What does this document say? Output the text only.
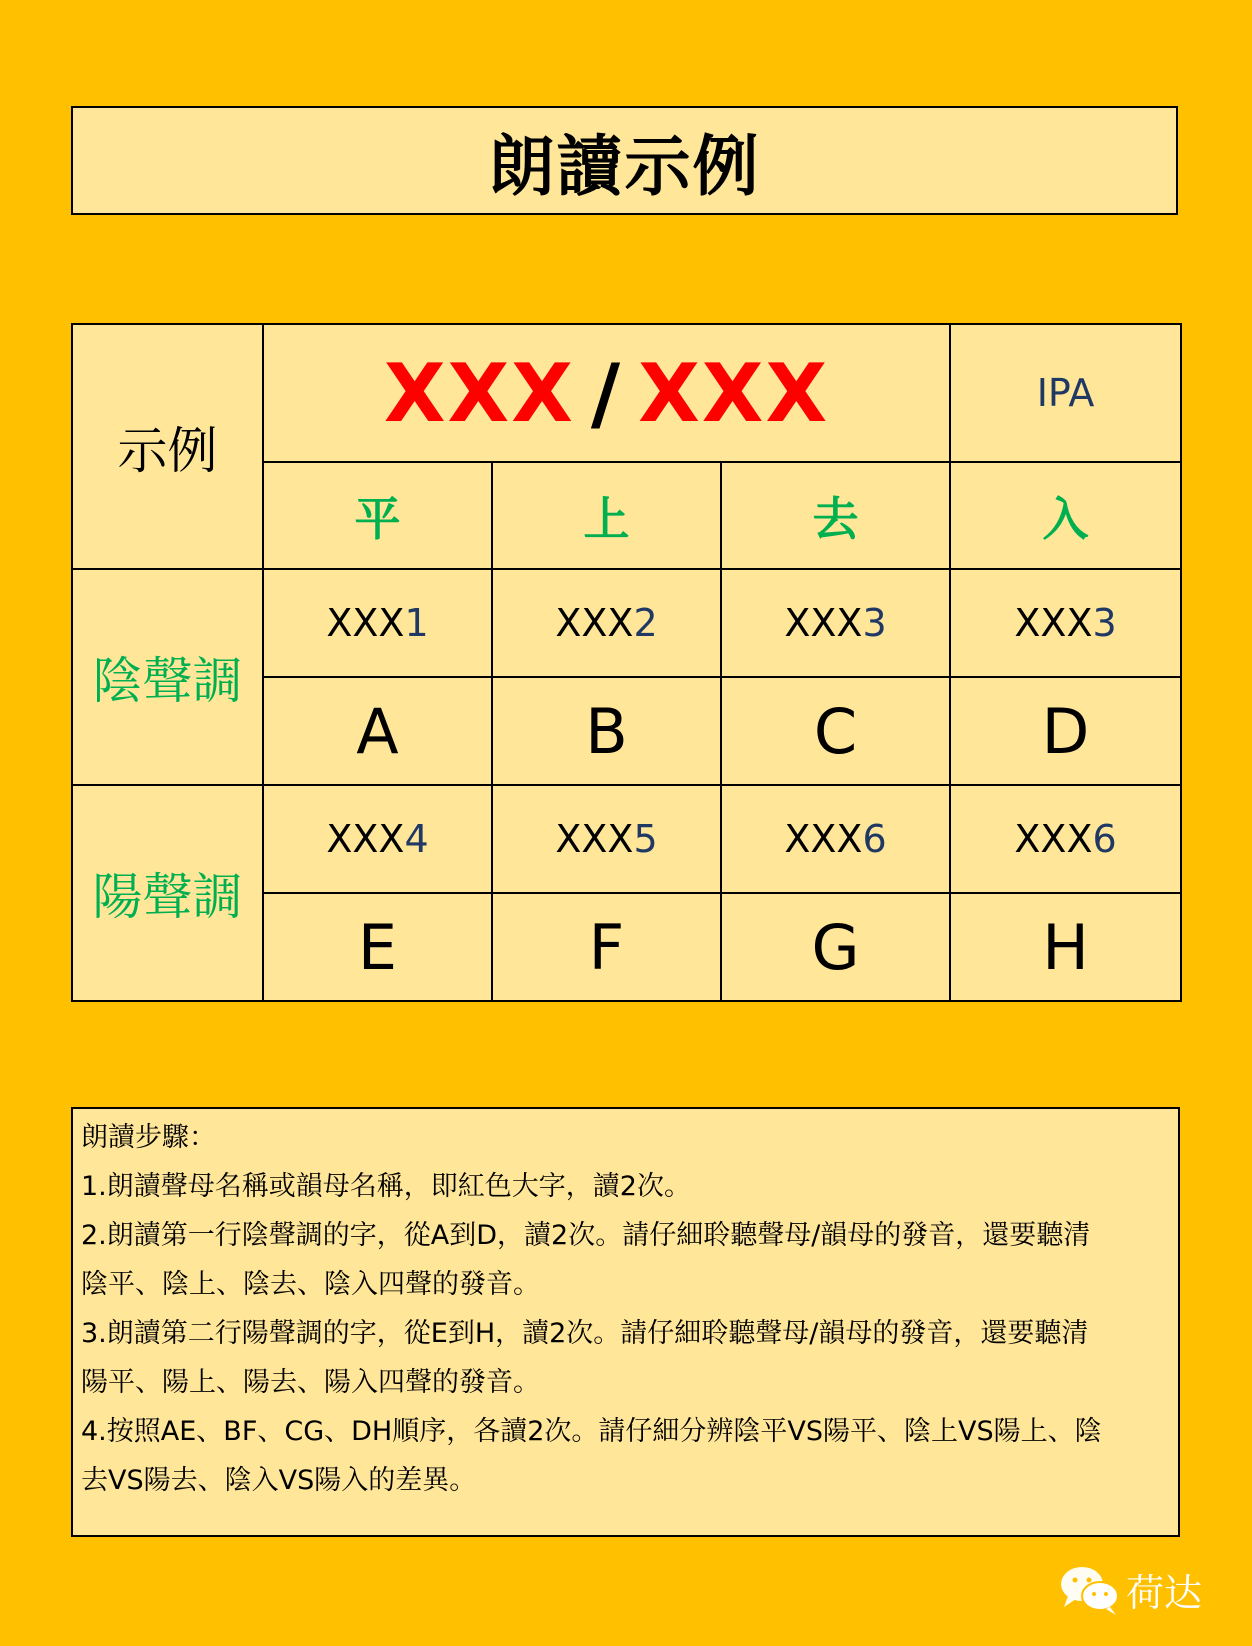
朗讀示例
示例	XXX / XXX			IPA
	平	上	去	入
陰聲調	XXX1	XXX2	XXX3	XXX3
	A	B	C	D
陽聲調	XXX4	XXX5	XXX6	XXX6
	E	F	G	H

朗讀步驟：

1.朗讀聲母名稱或韻母名稱，即紅色大字，讀2次。

2.朗讀第一行陰聲調的字，從A到D，讀2次。請仔細聆聽聲母/韻母的發音，還要聽清

陰平、陰上、陰去、陰入四聲的發音。

3.朗讀第二行陽聲調的字，從E到H，讀2次。請仔細聆聽聲母/韻母的發音，還要聽清

陽平、陽上、陽去、陽入四聲的發音。

4.按照AE、BF、CG、DH順序，各讀2次。請仔細分辨陰平VS陽平、陰上VS陽上、陰

去VS陽去、陰入VS陽入的差異。

荷达
